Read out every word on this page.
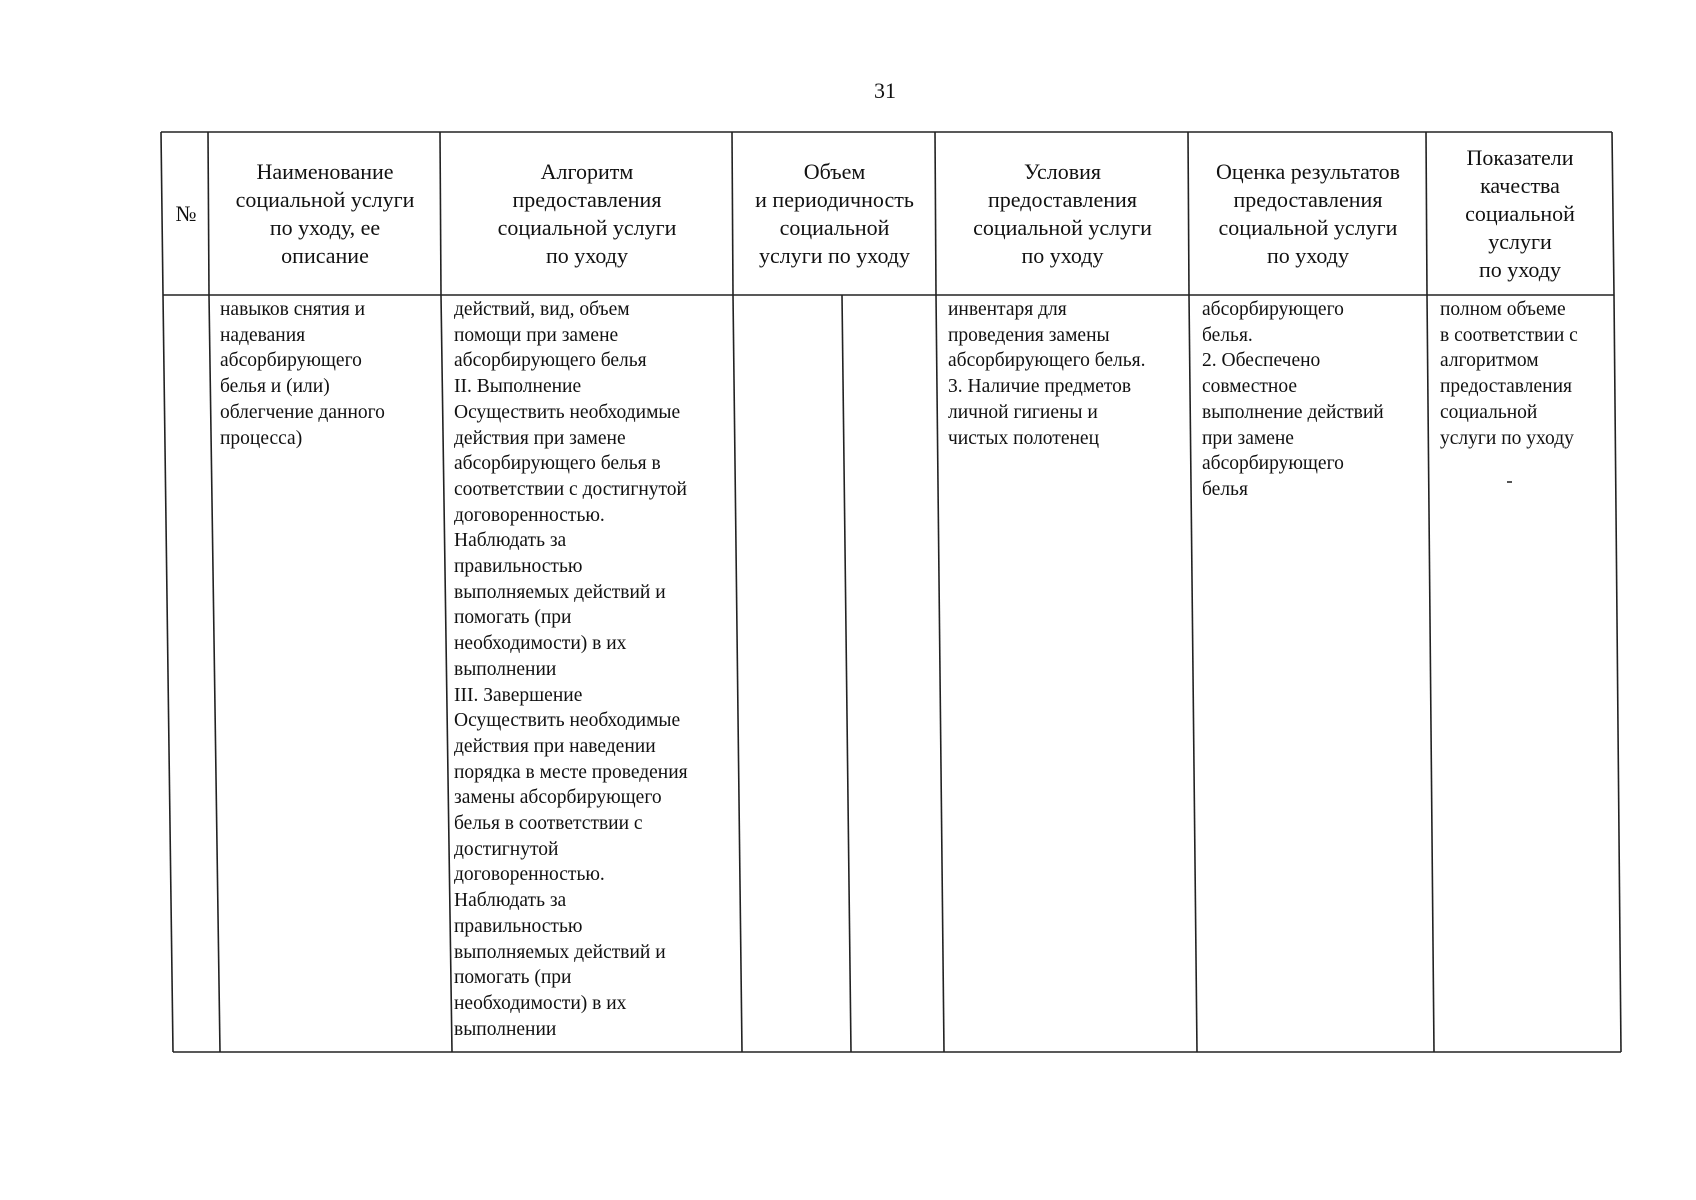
31
№
Наименование
социальной услуги
по уходу, ее
описание
Алгоритм
предоставления
социальной услуги
по уходу
Объем
и периодичность
социальной
услуги по уходу
Условия
предоставления
социальной услуги
по уходу
Оценка результатов
предоставления
социальной услуги
по уходу
Показатели
качества
социальной
услуги
по уходу
навыков снятия и
надевания
абсорбирующего
белья и (или)
облегчение данного
процесса)
действий, вид, объем
помощи при замене
абсорбирующего белья
II. Выполнение
Осуществить необходимые
действия при замене
абсорбирующего белья в
соответствии с достигнутой
договоренностью.
Наблюдать за
правильностью
выполняемых действий и
помогать (при
необходимости) в их
выполнении
III. Завершение
Осуществить необходимые
действия при наведении
порядка в месте проведения
замены абсорбирующего
белья в соответствии с
достигнутой
договоренностью.
Наблюдать за
правильностью
выполняемых действий и
помогать (при
необходимости) в их
выполнении
инвентаря для
проведения замены
абсорбирующего белья.
3. Наличие предметов
личной гигиены и
чистых полотенец
абсорбирующего
белья.
2. Обеспечено
совместное
выполнение действий
при замене
абсорбирующего
белья
полном объеме
в соответствии с
алгоритмом
предоставления
социальной
услуги по уходу
